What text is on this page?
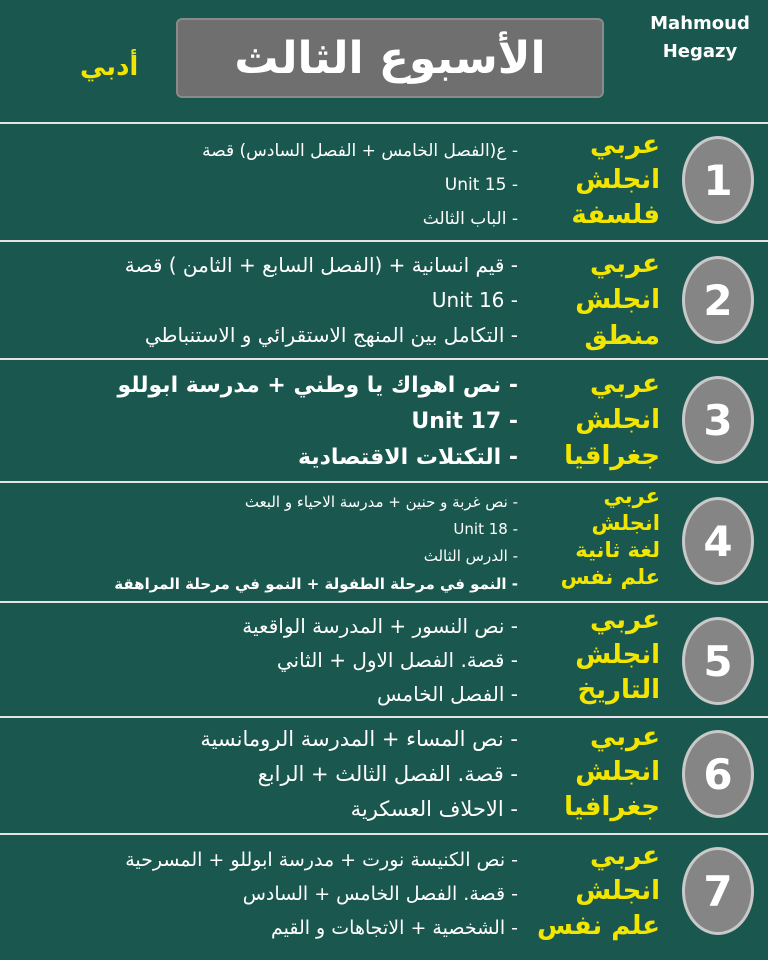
Mahmoud Hegazy
الأسبوع الثالث
أدبي
1
عربي
انجلش
فلسفة
- ع(الفصل الخامس + الفصل السادس) قصة
- Unit 15
- الباب الثالث
2
عربي
انجلش
منطق
- قيم انسانية + (الفصل السابع + الثامن ) قصة
- Unit 16
- التكامل بين المنهج الاستقرائي و الاستنباطي
3
عربي
انجلش
جغراقيا
- نص اهواك يا وطني + مدرسة ابوللو
- Unit 17
- التكتلات الاقتصادية
4
عربي
انجلش
لغة ثانية
علم نفس
- نص غربة و حنين + مدرسة الاحياء و البعث
- Unit 18
- الدرس الثالث
- النمو في مرحلة الطفولة + النمو في مرحلة المراهقة
5
عربي
انجلش
التاريخ
- نص النسور + المدرسة الواقعية
- قصة. الفصل الاول + الثاني
- الفصل الخامس
6
عربي
انجلش
جغرافيا
- نص المساء + المدرسة الرومانسية
- قصة. الفصل الثالث + الرابع
- الاحلاف العسكرية
7
عربي
انجلش
علم نفس
- نص الكنيسة نورت + مدرسة ابوللو + المسرحية
- قصة. الفصل الخامس + السادس
- الشخصية + الاتجاهات و القيم
